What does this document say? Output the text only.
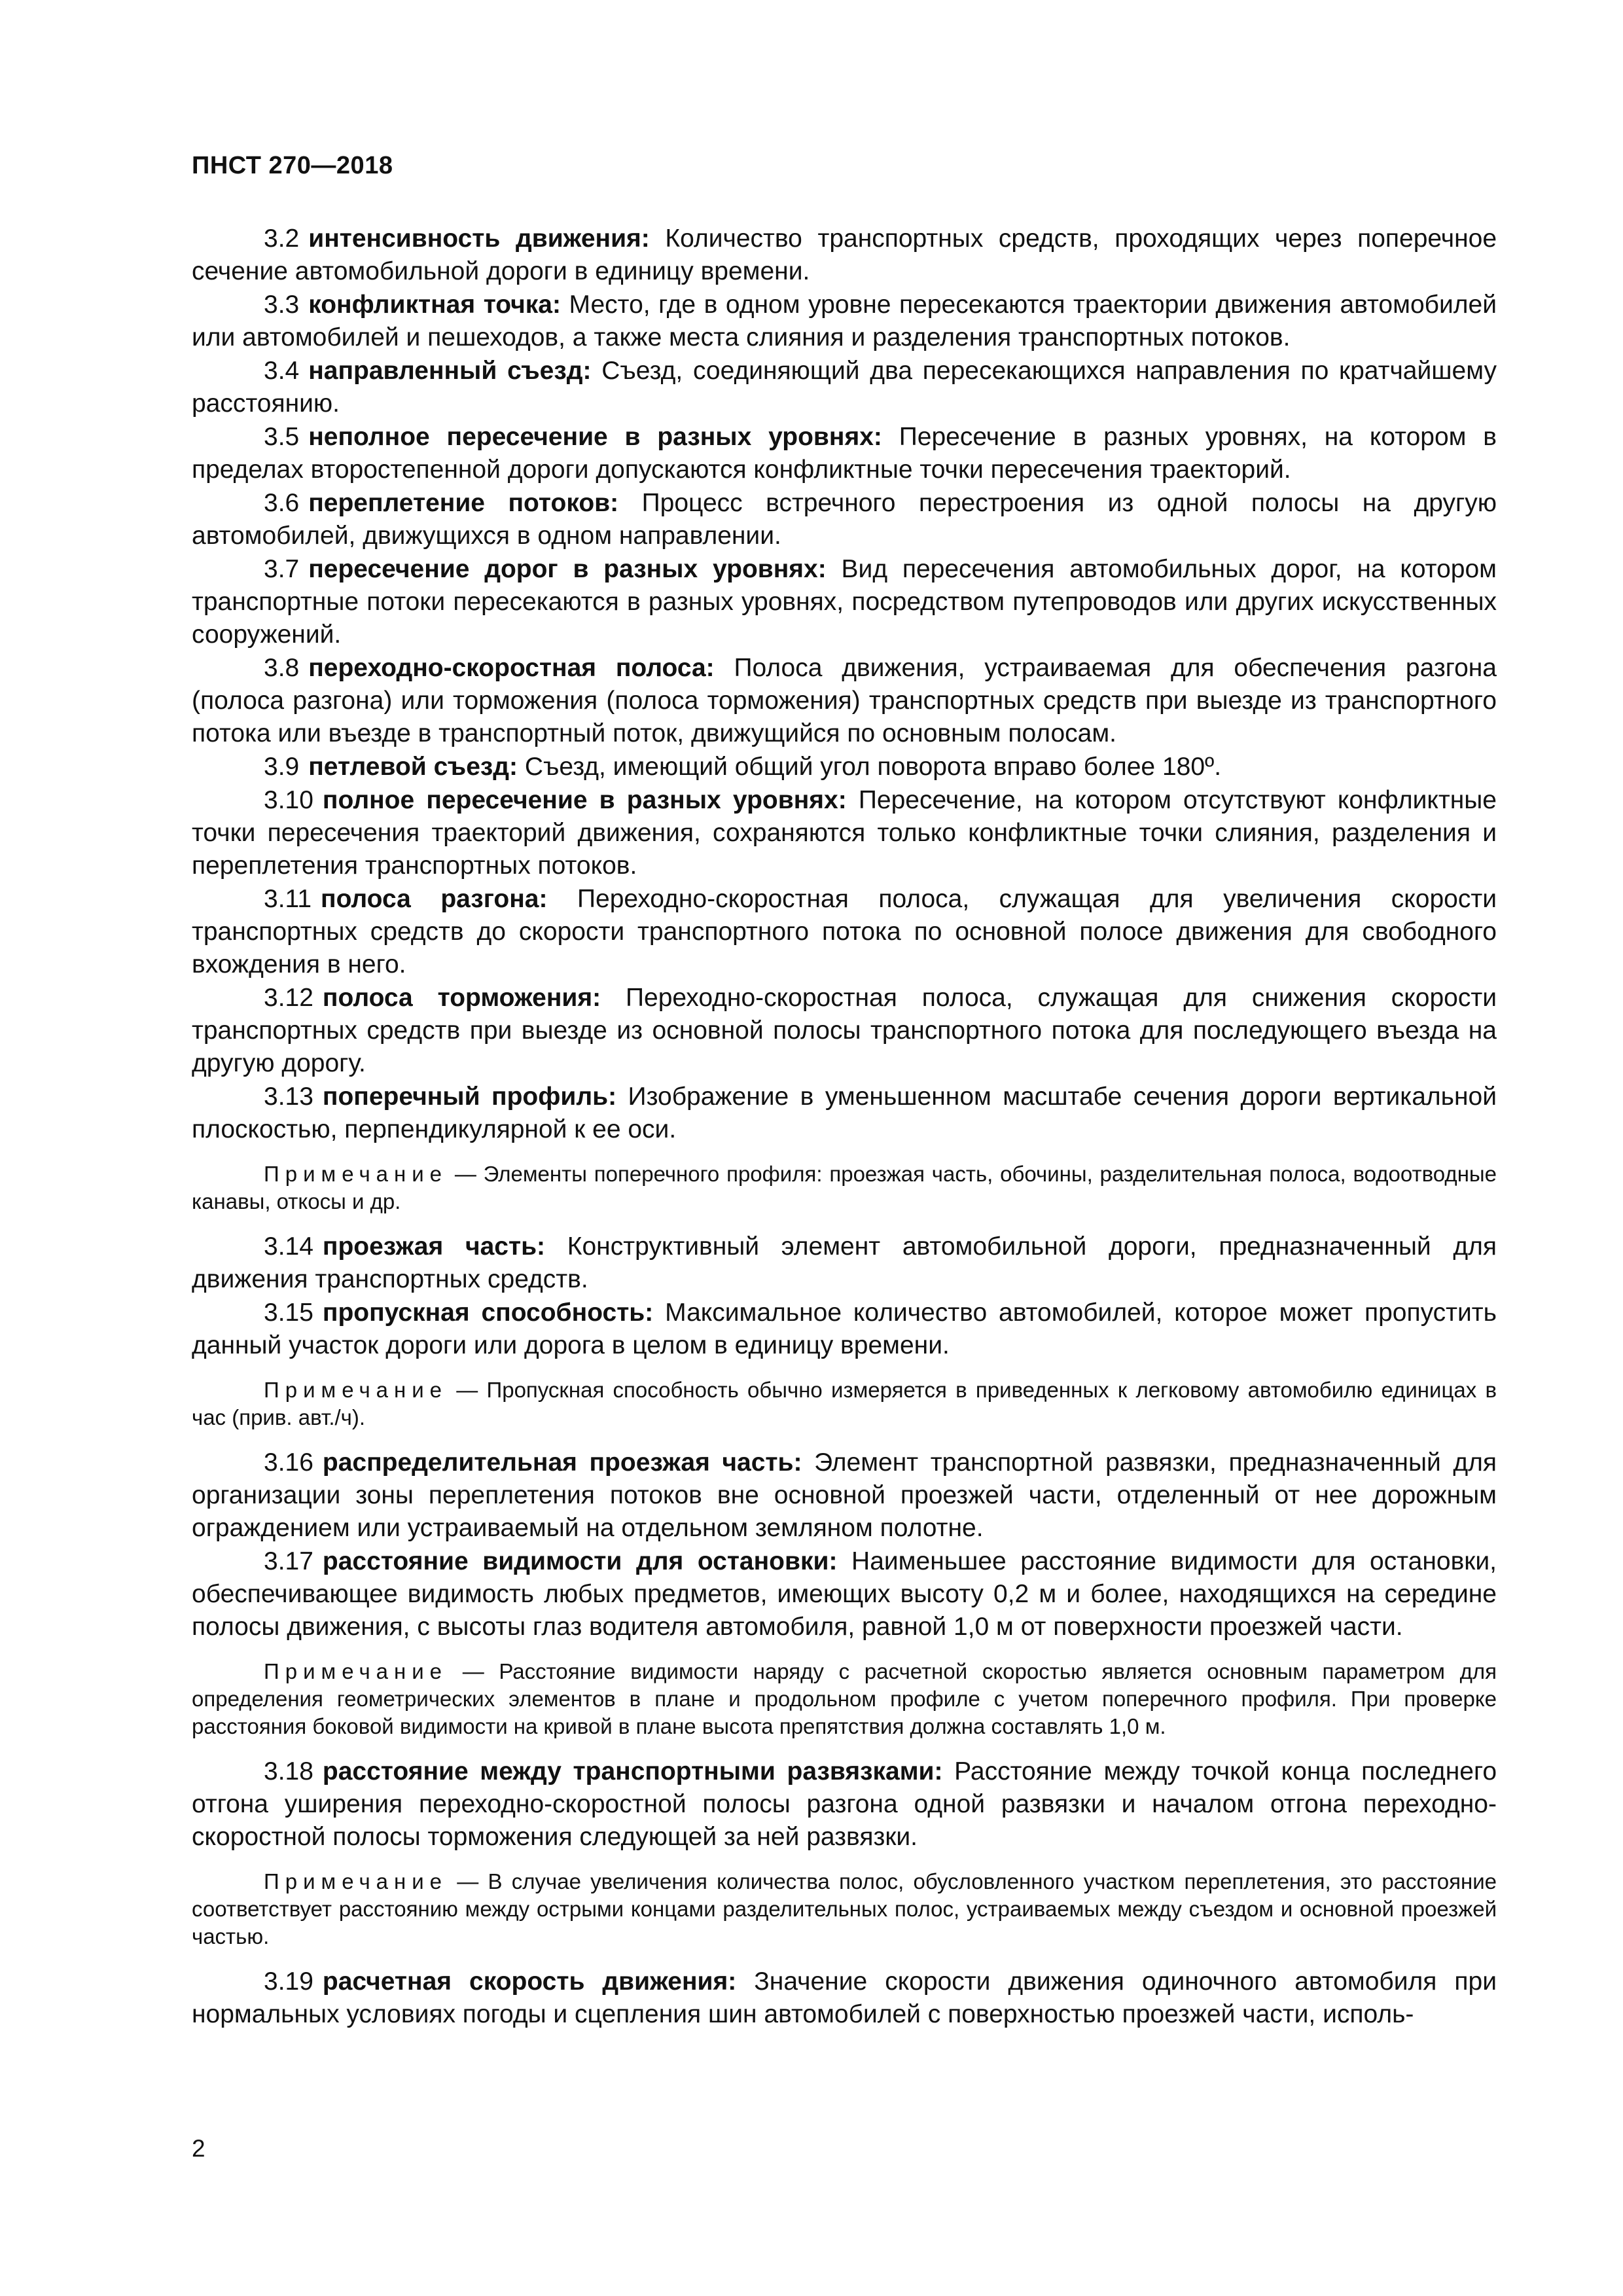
ПНСТ 270—2018

3.2 интенсивность движения: Количество транспортных средств, проходящих через поперечное сечение автомобильной дороги в единицу времени.

3.3 конфликтная точка: Место, где в одном уровне пересекаются траектории движения автомобилей или автомобилей и пешеходов, а также места слияния и разделения транспортных потоков.

3.4 направленный съезд: Съезд, соединяющий два пересекающихся направления по кратчайшему расстоянию.

3.5 неполное пересечение в разных уровнях: Пересечение в разных уровнях, на котором в пределах второстепенной дороги допускаются конфликтные точки пересечения траекторий.

3.6 переплетение потоков: Процесс встречного перестроения из одной полосы на другую автомобилей, движущихся в одном направлении.

3.7 пересечение дорог в разных уровнях: Вид пересечения автомобильных дорог, на котором транспортные потоки пересекаются в разных уровнях, посредством путепроводов или других искусственных сооружений.

3.8 переходно-скоростная полоса: Полоса движения, устраиваемая для обеспечения разгона (полоса разгона) или торможения (полоса торможения) транспортных средств при выезде из транспортного потока или въезде в транспортный поток, движущийся по основным полосам.

3.9 петлевой съезд: Съезд, имеющий общий угол поворота вправо более 180º.

3.10 полное пересечение в разных уровнях: Пересечение, на котором отсутствуют конфликтные точки пересечения траекторий движения, сохраняются только конфликтные точки слияния, разделения и переплетения транспортных потоков.

3.11 полоса разгона: Переходно-скоростная полоса, служащая для увеличения скорости транспортных средств до скорости транспортного потока по основной полосе движения для свободного вхождения в него.

3.12 полоса торможения: Переходно-скоростная полоса, служащая для снижения скорости транспортных средств при выезде из основной полосы транспортного потока для последующего въезда на другую дорогу.

3.13 поперечный профиль: Изображение в уменьшенном масштабе сечения дороги вертикальной плоскостью, перпендикулярной к ее оси.

Примечание — Элементы поперечного профиля: проезжая часть, обочины, разделительная полоса, водоотводные канавы, откосы и др.

3.14 проезжая часть: Конструктивный элемент автомобильной дороги, предназначенный для движения транспортных средств.

3.15 пропускная способность: Максимальное количество автомобилей, которое может пропустить данный участок дороги или дорога в целом в единицу времени.

Примечание — Пропускная способность обычно измеряется в приведенных к легковому автомобилю единицах в час (прив. авт./ч).

3.16 распределительная проезжая часть: Элемент транспортной развязки, предназначенный для организации зоны переплетения потоков вне основной проезжей части, отделенный от нее дорожным ограждением или устраиваемый на отдельном земляном полотне.

3.17 расстояние видимости для остановки: Наименьшее расстояние видимости для остановки, обеспечивающее видимость любых предметов, имеющих высоту 0,2 м и более, находящихся на середине полосы движения, с высоты глаз водителя автомобиля, равной 1,0 м от поверхности проезжей части.

Примечание — Расстояние видимости наряду с расчетной скоростью является основным параметром для определения геометрических элементов в плане и продольном профиле с учетом поперечного профиля. При проверке расстояния боковой видимости на кривой в плане высота препятствия должна составлять 1,0 м.

3.18 расстояние между транспортными развязками: Расстояние между точкой конца последнего отгона уширения переходно-скоростной полосы разгона одной развязки и началом отгона переходно-скоростной полосы торможения следующей за ней развязки.

Примечание — В случае увеличения количества полос, обусловленного участком переплетения, это расстояние соответствует расстоянию между острыми концами разделительных полос, устраиваемых между съездом и основной проезжей частью.

3.19 расчетная скорость движения: Значение скорости движения одиночного автомобиля при нормальных условиях погоды и сцепления шин автомобилей с поверхностью проезжей части, исполь-

2
